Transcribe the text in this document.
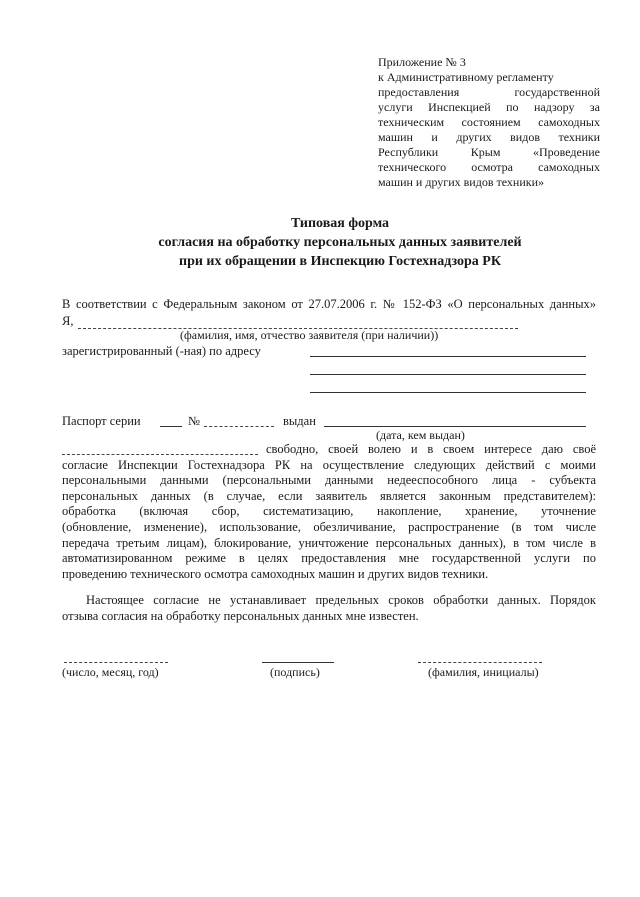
Приложение № 3
к Административному регламенту
предоставления государственной
услуги Инспекцией по надзору за
техническим состоянием самоходных
машин и других видов техники
Республики Крым «Проведение
технического осмотра самоходных
машин и других видов техники»
Типовая форма
согласия на обработку персональных данных заявителей
при их обращении в Инспекцию Гостехнадзора РК
В соответствии с Федеральным законом от 27.07.2006 г. № 152-ФЗ «О персональных данных»
Я,
(фамилия, имя, отчество заявителя (при наличии))
зарегистрированный (-ная) по адресу
Паспорт серии	№	выдан
(дата, кем выдан)
свободно, своей волею и в своем интересе даю своё
согласие Инспекции Гостехнадзора РК на осуществление следующих действий с моими
персональными данными (персональными данными недееспособного лица - субъекта
персональных данных (в случае, если заявитель является законным представителем):
обработка (включая сбор, систематизацию, накопление, хранение, уточнение
(обновление, изменение), использование, обезличивание, распространение (в том числе
передача третьим лицам), блокирование, уничтожение персональных данных), в том числе в
автоматизированном режиме в целях предоставления мне государственной услуги по
проведению технического осмотра самоходных машин и других видов техники.
Настоящее согласие не устанавливает предельных сроков обработки данных. Порядок
отзыва согласия на обработку персональных данных мне известен.
(число, месяц, год)	(подпись)	(фамилия, инициалы)
